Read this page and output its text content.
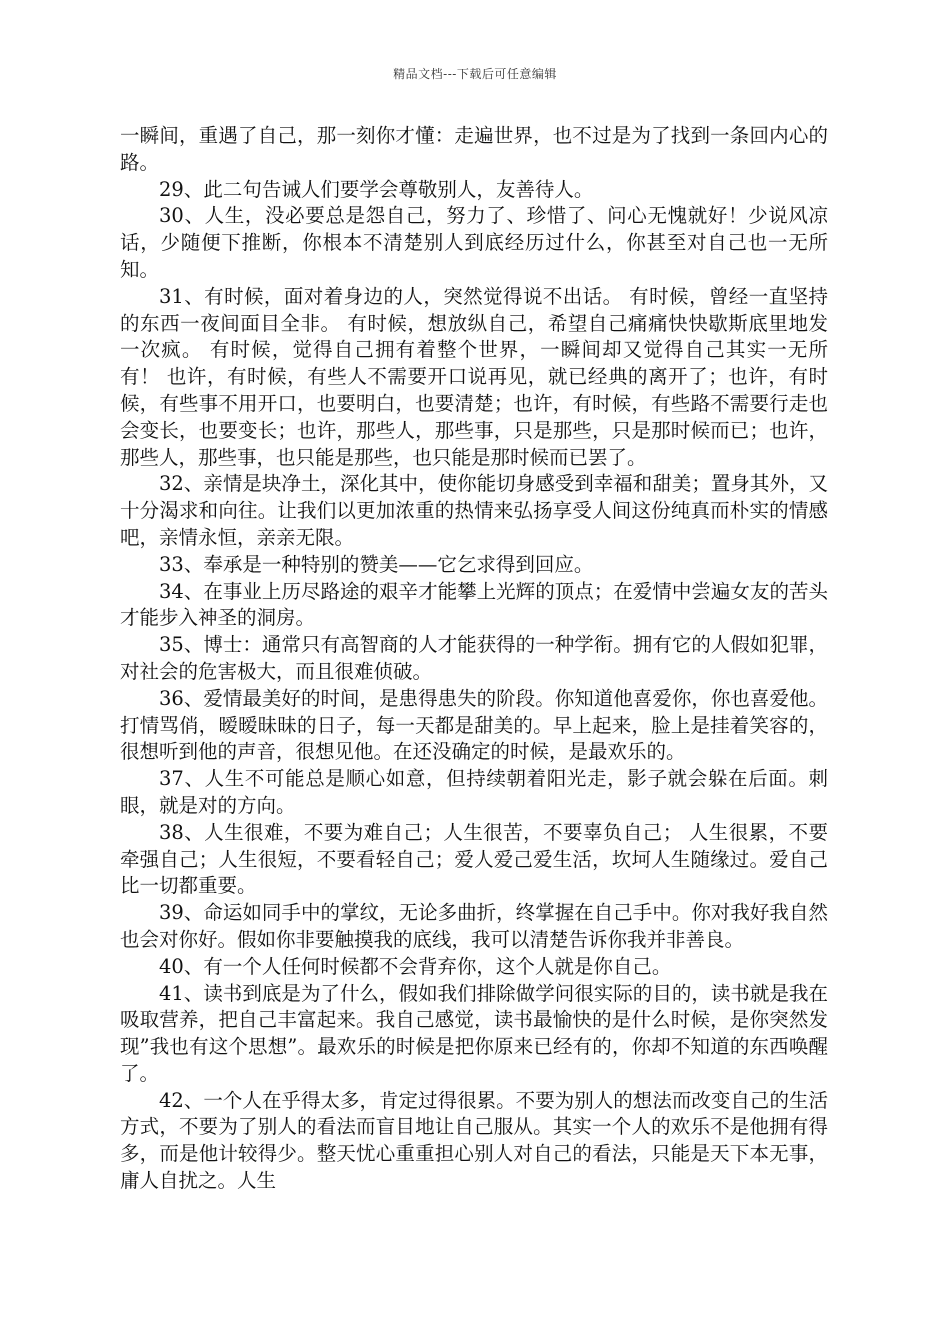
精品文档---下载后可任意编辑

一瞬间，重遇了自己，那一刻你才懂：走遍世界，也不过是为了找到一条回内心的路。

29、此二句告诫人们要学会尊敬别人，友善待人。

30、人生，没必要总是怨自己，努力了、珍惜了、问心无愧就好！少说风凉话，少随便下推断，你根本不清楚别人到底经历过什么，你甚至对自己也一无所知。

31、有时候，面对着身边的人，突然觉得说不出话。 有时候，曾经一直坚持的东西一夜间面目全非。 有时候，想放纵自己，希望自己痛痛快快歇斯底里地发一次疯。 有时候，觉得自己拥有着整个世界，一瞬间却又觉得自己其实一无所有！ 也许，有时候，有些人不需要开口说再见，就已经典的离开了；也许，有时候，有些事不用开口，也要明白，也要清楚；也许，有时候，有些路不需要行走也会变长，也要变长；也许，那些人，那些事，只是那些，只是那时候而已；也许，那些人，那些事，也只能是那些，也只能是那时候而已罢了。

32、亲情是块净土，深化其中，使你能切身感受到幸福和甜美；置身其外，又十分渴求和向往。让我们以更加浓重的热情来弘扬享受人间这份纯真而朴实的情感吧，亲情永恒，亲亲无限。

33、奉承是一种特别的赞美——它乞求得到回应。

34、在事业上历尽路途的艰辛才能攀上光辉的顶点；在爱情中尝遍女友的苦头才能步入神圣的洞房。

35、博士：通常只有高智商的人才能获得的一种学衔。拥有它的人假如犯罪，对社会的危害极大，而且很难侦破。

36、爱情最美好的时间，是患得患失的阶段。你知道他喜爱你，你也喜爱他。打情骂俏，暧暧昧昧的日子，每一天都是甜美的。早上起来，脸上是挂着笑容的，很想听到他的声音，很想见他。在还没确定的时候，是最欢乐的。

37、人生不可能总是顺心如意，但持续朝着阳光走，影子就会躲在后面。刺眼，就是对的方向。

38、人生很难，不要为难自己；人生很苦，不要辜负自己； 人生很累，不要牵强自己；人生很短，不要看轻自己；爱人爱己爱生活，坎坷人生随缘过。爱自己比一切都重要。

39、命运如同手中的掌纹，无论多曲折，终掌握在自己手中。你对我好我自然也会对你好。假如你非要触摸我的底线，我可以清楚告诉你我并非善良。

40、有一个人任何时候都不会背弃你，这个人就是你自己。

41、读书到底是为了什么，假如我们排除做学问很实际的目的，读书就是我在吸取营养，把自己丰富起来。我自己感觉，读书最愉快的是什么时候，是你突然发现”我也有这个思想”。最欢乐的时候是把你原来已经有的，你却不知道的东西唤醒了。

42、一个人在乎得太多，肯定过得很累。不要为别人的想法而改变自己的生活方式，不要为了别人的看法而盲目地让自己服从。其实一个人的欢乐不是他拥有得多，而是他计较得少。整天忧心重重担心别人对自己的看法，只能是天下本无事，庸人自扰之。人生
